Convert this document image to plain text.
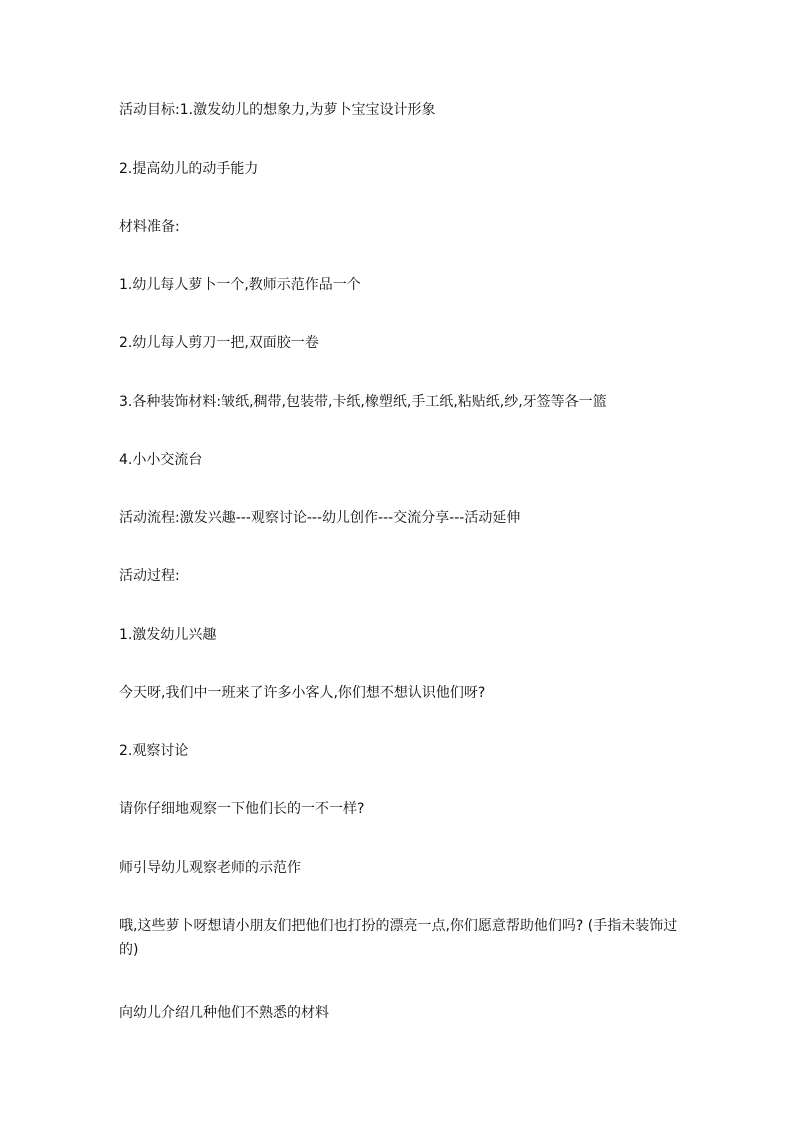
活动目标:1.激发幼儿的想象力,为萝卜宝宝设计形象

2.提高幼儿的动手能力

材料准备:

1.幼儿每人萝卜一个,教师示范作品一个

2.幼儿每人剪刀一把,双面胶一卷

3.各种装饰材料:皱纸,稠带,包装带,卡纸,橡塑纸,手工纸,粘贴纸,纱,牙签等各一篮

4.小小交流台

活动流程:激发兴趣---观察讨论---幼儿创作---交流分享---活动延伸

活动过程:

1.激发幼儿兴趣

今天呀,我们中一班来了许多小客人,你们想不想认识他们呀?

2.观察讨论

请你仔细地观察一下他们长的一不一样?

师引导幼儿观察老师的示范作

哦,这些萝卜呀想请小朋友们把他们也打扮的漂亮一点,你们愿意帮助他们吗? (手指未装饰过的)

向幼儿介绍几种他们不熟悉的材料
